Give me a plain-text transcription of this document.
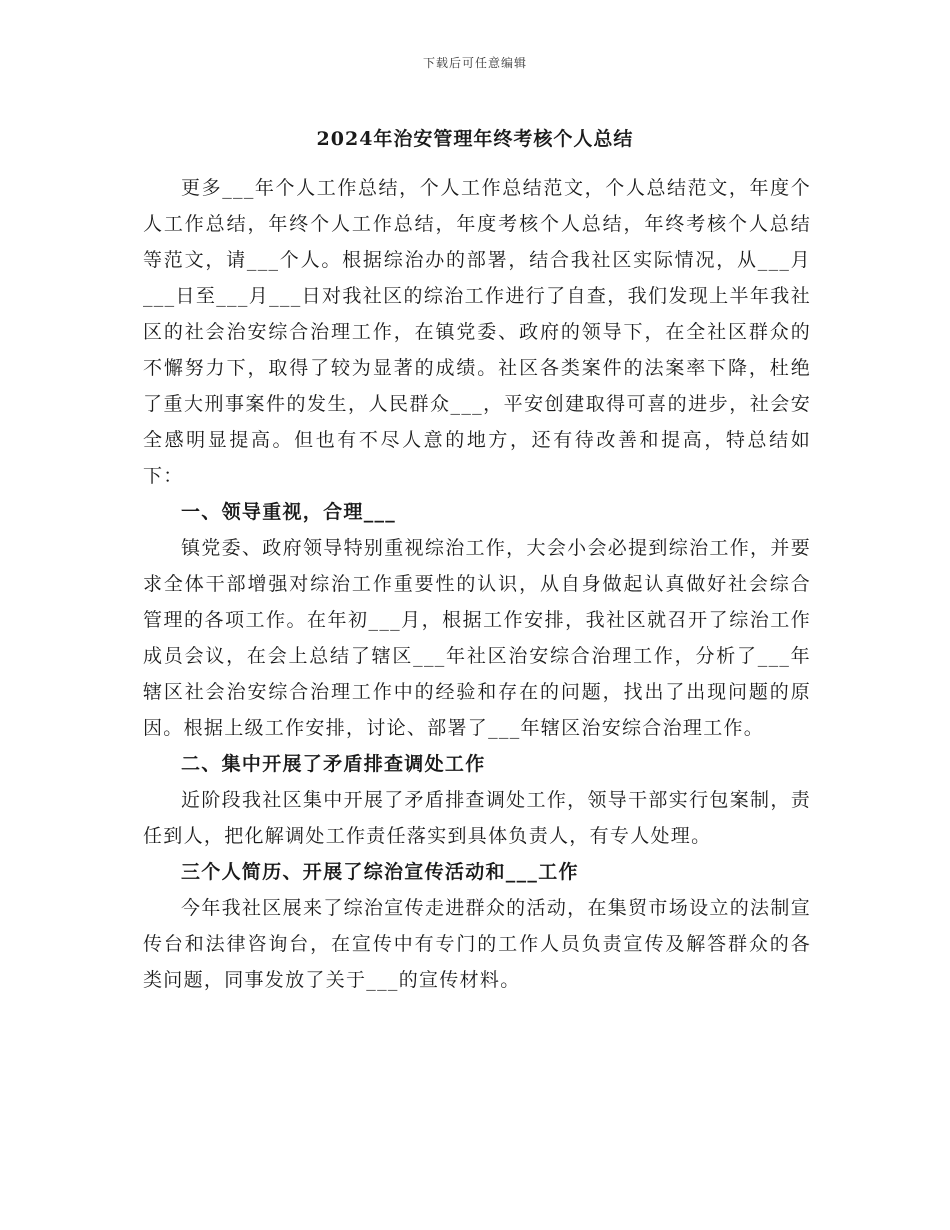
下载后可任意编辑
2024年治安管理年终考核个人总结

更多___年个人工作总结，个人工作总结范文，个人总结范文，年度个人工作总结，年终个人工作总结，年度考核个人总结，年终考核个人总结等范文，请___个人。根据综治办的部署，结合我社区实际情况，从___月___日至___月___日对我社区的综治工作进行了自查，我们发现上半年我社区的社会治安综合治理工作，在镇党委、政府的领导下，在全社区群众的不懈努力下，取得了较为显著的成绩。社区各类案件的法案率下降，杜绝了重大刑事案件的发生，人民群众___，平安创建取得可喜的进步，社会安全感明显提高。但也有不尽人意的地方，还有待改善和提高，特总结如下：

一、领导重视，合理___

镇党委、政府领导特别重视综治工作，大会小会必提到综治工作，并要求全体干部增强对综治工作重要性的认识，从自身做起认真做好社会综合管理的各项工作。在年初___月，根据工作安排，我社区就召开了综治工作成员会议，在会上总结了辖区___年社区治安综合治理工作，分析了___年辖区社会治安综合治理工作中的经验和存在的问题，找出了出现问题的原因。根据上级工作安排，讨论、部署了___年辖区治安综合治理工作。

二、集中开展了矛盾排查调处工作

近阶段我社区集中开展了矛盾排查调处工作，领导干部实行包案制，责任到人，把化解调处工作责任落实到具体负责人，有专人处理。

三个人简历、开展了综治宣传活动和___工作

今年我社区展来了综治宣传走进群众的活动，在集贸市场设立的法制宣传台和法律咨询台，在宣传中有专门的工作人员负责宣传及解答群众的各类问题，同事发放了关于___的宣传材料。
